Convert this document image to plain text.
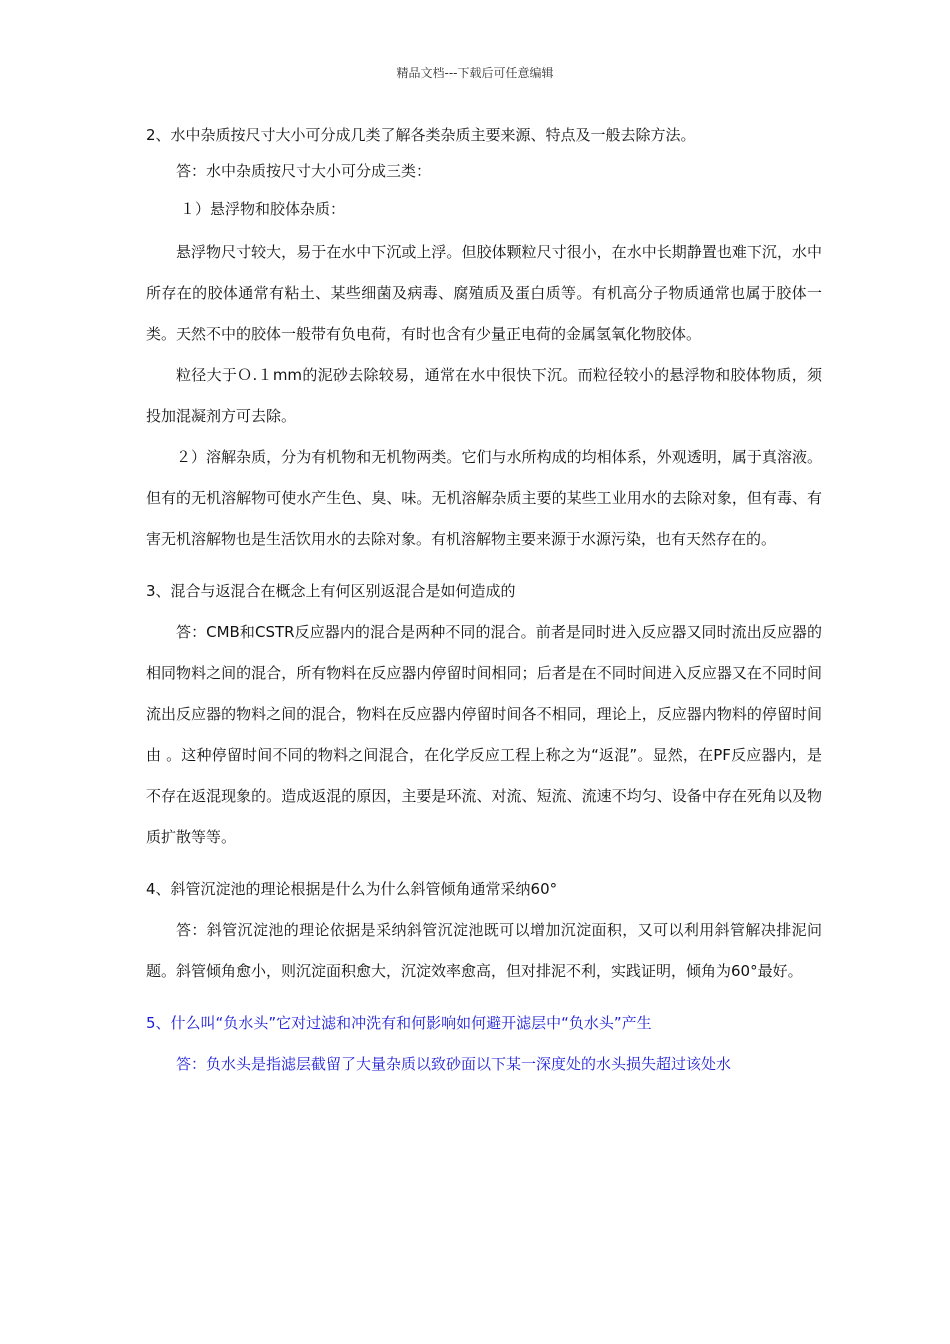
精品文档---下载后可任意编辑

2、水中杂质按尺寸大小可分成几类了解各类杂质主要来源、特点及一般去除方法。

答：水中杂质按尺寸大小可分成三类：

１）悬浮物和胶体杂质：

悬浮物尺寸较大，易于在水中下沉或上浮。但胶体颗粒尺寸很小，在水中长期静置也难下沉，水中所存在的胶体通常有粘土、某些细菌及病毒、腐殖质及蛋白质等。有机高分子物质通常也属于胶体一类。天然不中的胶体一般带有负电荷，有时也含有少量正电荷的金属氢氧化物胶体。

粒径大于Ｏ.１mm的泥砂去除较易，通常在水中很快下沉。而粒径较小的悬浮物和胶体物质，须投加混凝剂方可去除。

２）溶解杂质，分为有机物和无机物两类。它们与水所构成的均相体系，外观透明，属于真溶液。但有的无机溶解物可使水产生色、臭、味。无机溶解杂质主要的某些工业用水的去除对象，但有毒、有害无机溶解物也是生活饮用水的去除对象。有机溶解物主要来源于水源污染，也有天然存在的。

3、混合与返混合在概念上有何区别返混合是如何造成的

答：CMB和CSTR反应器内的混合是两种不同的混合。前者是同时进入反应器又同时流出反应器的相同物料之间的混合，所有物料在反应器内停留时间相同；后者是在不同时间进入反应器又在不同时间流出反应器的物料之间的混合，物料在反应器内停留时间各不相同，理论上，反应器内物料的停留时间由 。这种停留时间不同的物料之间混合，在化学反应工程上称之为“返混”。显然，在PF反应器内，是不存在返混现象的。造成返混的原因，主要是环流、对流、短流、流速不均匀、设备中存在死角以及物质扩散等等。

4、斜管沉淀池的理论根据是什么为什么斜管倾角通常采纳60°

答：斜管沉淀池的理论依据是采纳斜管沉淀池既可以增加沉淀面积，又可以利用斜管解决排泥问题。斜管倾角愈小，则沉淀面积愈大，沉淀效率愈高，但对排泥不利，实践证明，倾角为60°最好。

5、什么叫“负水头”它对过滤和冲洗有和何影响如何避开滤层中“负水头”产生

答：负水头是指滤层截留了大量杂质以致砂面以下某一深度处的水头损失超过该处水
